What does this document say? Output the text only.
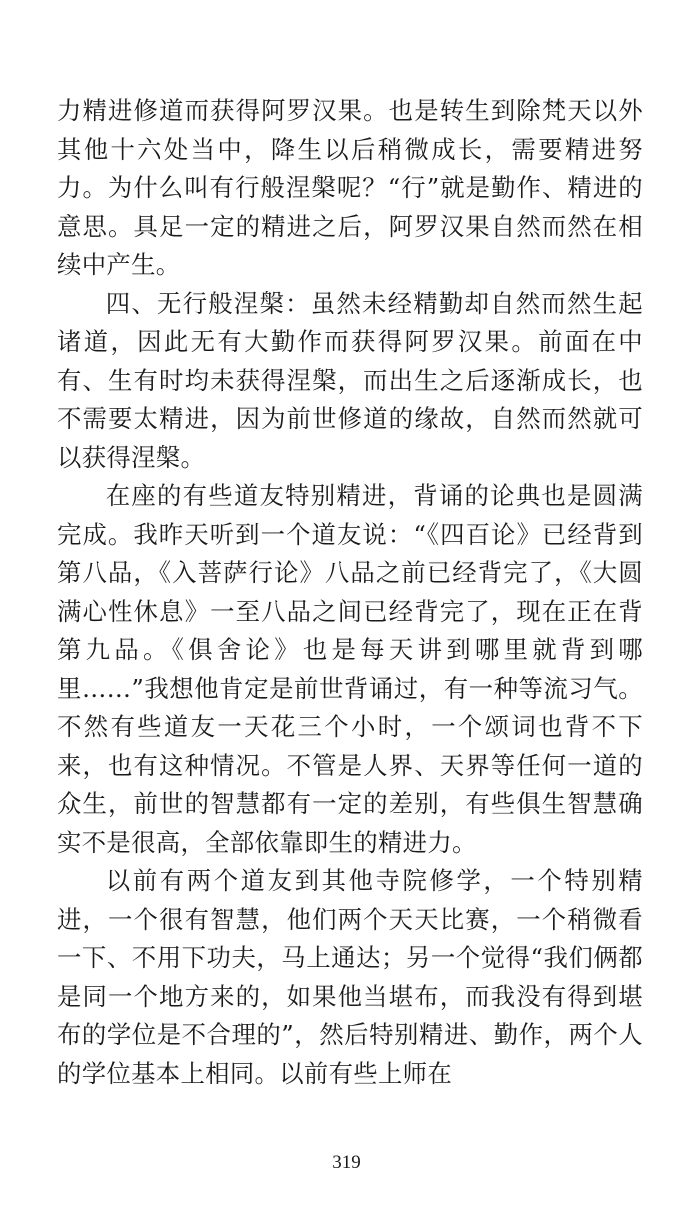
力精进修道而获得阿罗汉果。也是转生到除梵天以外其他十六处当中，降生以后稍微成长，需要精进努力。为什么叫有行般涅槃呢？“行”就是勤作、精进的意思。具足一定的精进之后，阿罗汉果自然而然在相续中产生。

四、无行般涅槃：虽然未经精勤却自然而然生起诸道，因此无有大勤作而获得阿罗汉果。前面在中有、生有时均未获得涅槃，而出生之后逐渐成长，也不需要太精进，因为前世修道的缘故，自然而然就可以获得涅槃。

在座的有些道友特别精进，背诵的论典也是圆满完成。我昨天听到一个道友说：“《四百论》已经背到第八品，《入菩萨行论》八品之前已经背完了，《大圆满心性休息》一至八品之间已经背完了，现在正在背第九品。《俱舍论》也是每天讲到哪里就背到哪里……”我想他肯定是前世背诵过，有一种等流习气。不然有些道友一天花三个小时，一个颂词也背不下来，也有这种情况。不管是人界、天界等任何一道的众生，前世的智慧都有一定的差别，有些俱生智慧确实不是很高，全部依靠即生的精进力。

以前有两个道友到其他寺院修学，一个特别精进，一个很有智慧，他们两个天天比赛，一个稍微看一下、不用下功夫，马上通达；另一个觉得“我们俩都是同一个地方来的，如果他当堪布，而我没有得到堪布的学位是不合理的”，然后特别精进、勤作，两个人的学位基本上相同。以前有些上师在

319
